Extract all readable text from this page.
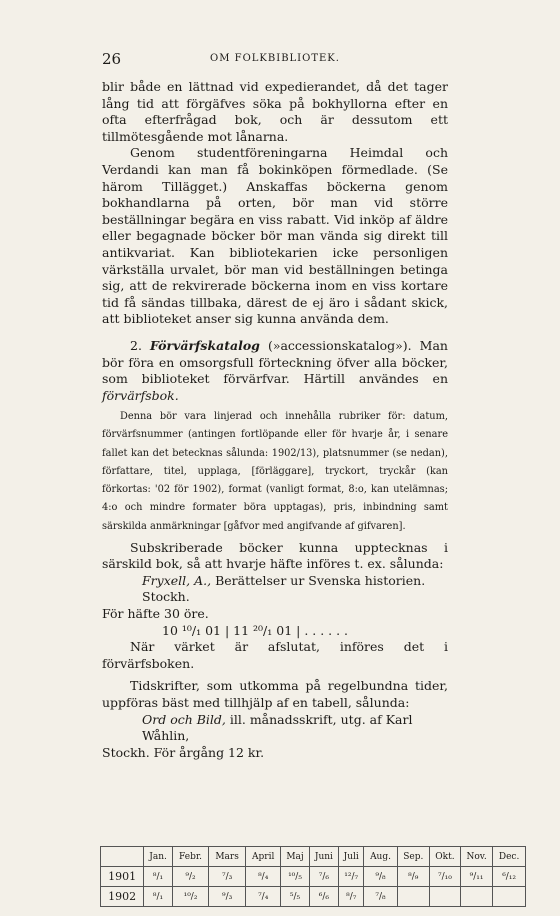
26	OM FOLKBIBLIOTEK.

blir både en lättnad vid expedierandet, då det tager lång tid att förgäfves söka på bokhyllorna efter en ofta efterfrågad bok, och är dessutom ett tillmötesgående mot lånarna.

Genom studentföreningarna Heimdal och Verdandi kan man få bokinköpen förmedlade. (Se härom Tillägget.) Anskaffas böckerna genom bokhandlarna på orten, bör man vid större beställningar begära en viss rabatt. Vid inköp af äldre eller begagnade böcker bör man vända sig direkt till antikvariat. Kan bibliotekarien icke personligen värkställa urvalet, bör man vid beställningen betinga sig, att de rekvirerade böckerna inom en viss kortare tid få sändas tillbaka, därest de ej äro i sådant skick, att biblioteket anser sig kunna använda dem.

2. Förvärfskatalog (»accessionskatalog»). Man bör föra en omsorgsfull förteckning öfver alla böcker, som biblioteket förvärfvar. Härtill användes en förvärfsbok.

Denna bör vara linjerad och innehålla rubriker för: datum, förvärfsnummer (antingen fortlöpande eller för hvarje år, i senare fallet kan det betecknas sålunda: 1902/13), platsnummer (se nedan), författare, titel, upplaga, [förläggare], tryckort, tryckår (kan förkortas: '02 för 1902), format (vanligt format, 8:o, kan utelämnas; 4:o och mindre formater böra upptagas), pris, inbindning samt särskilda anmärkningar [gåfvor med angifvande af gifvaren].

Subskriberade böcker kunna upptecknas i särskild bok, så att hvarje häfte införes t. ex. sålunda:

Fryxell, A., Berättelser ur Svenska historien. Stockh.
För häfte 30 öre.
10 ¹⁰/₁ 01 | 11 ²⁰/₁ 01 | . . . . . .

När värket är afslutat, införes det i förvärfsboken.

Tidskrifter, som utkomma på regelbundna tider, uppföras bäst med tillhjälp af en tabell, sålunda:

Ord och Bild, ill. månadsskrift, utg. af Karl Wåhlin,
Stockh. För årgång 12 kr.
	Jan.	Febr.	Mars	April	Maj	Juni	Juli	Aug.	Sep.	Okt.	Nov.	Dec.
1901	⁸/₁	⁹/₂	⁷/₃	⁸/₄	¹⁰/₅	⁷/₆	¹²/₇	⁹/₈	⁸/₉	⁷/₁₀	⁹/₁₁	⁶/₁₂
1902	⁸/₁	¹⁰/₂	⁹/₃	⁷/₄	⁵/₅	⁶/₆	⁸/₇	⁷/₈				
